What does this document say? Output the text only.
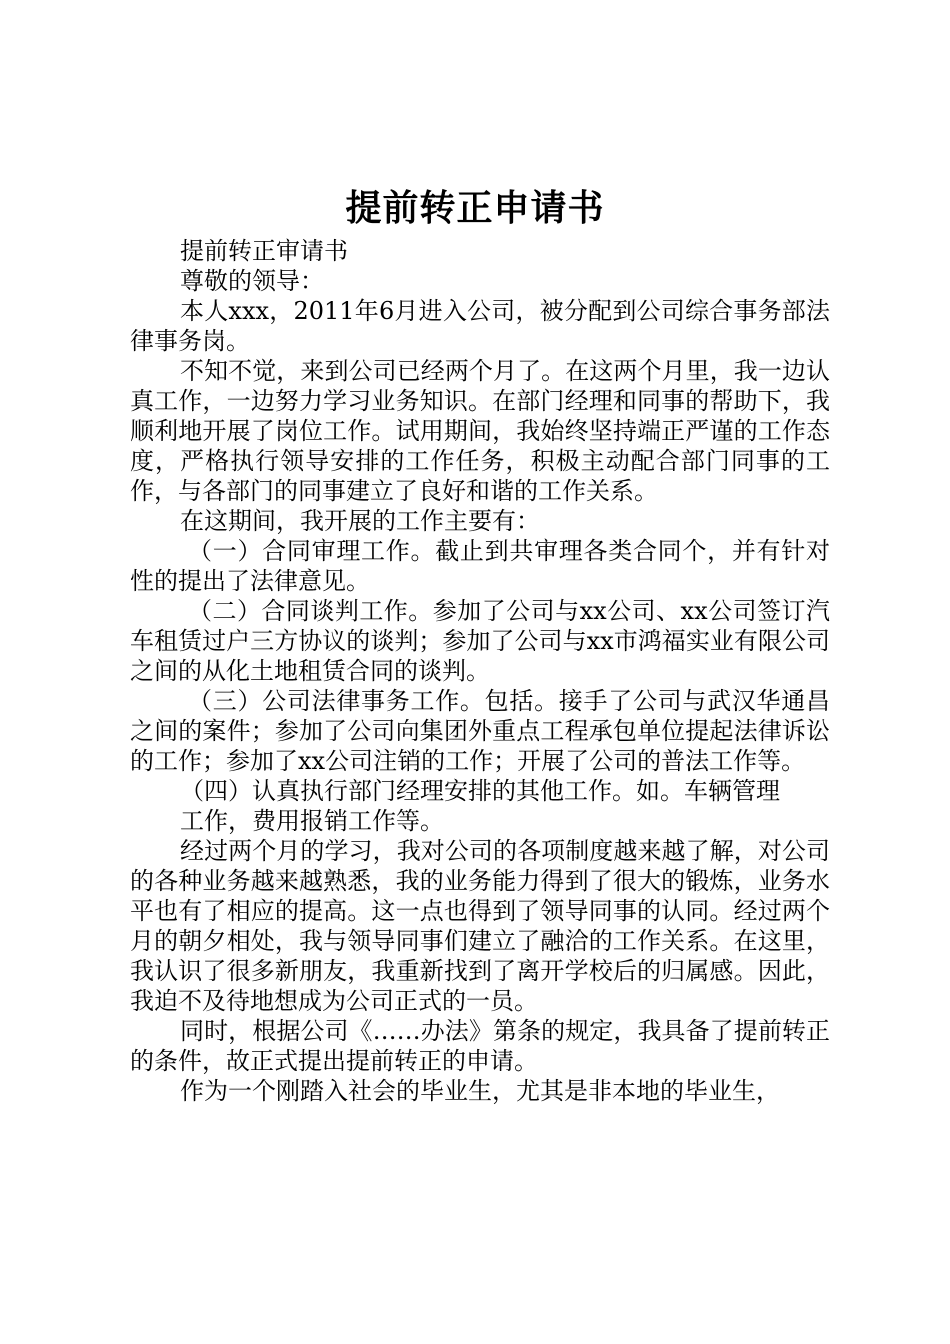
提前转正申请书

提前转正审请书

尊敬的领导：

本人xxx，2011年6月进入公司，被分配到公司综合事务部法律事务岗。

不知不觉，来到公司已经两个月了。在这两个月里，我一边认真工作，一边努力学习业务知识。在部门经理和同事的帮助下，我顺利地开展了岗位工作。试用期间，我始终坚持端正严谨的工作态度，严格执行领导安排的工作任务，积极主动配合部门同事的工作，与各部门的同事建立了良好和谐的工作关系。

在这期间，我开展的工作主要有：

（一）合同审理工作。截止到共审理各类合同个，并有针对性的提出了法律意见。

（二）合同谈判工作。参加了公司与xx公司、xx公司签订汽车租赁过户三方协议的谈判；参加了公司与xx市鸿福实业有限公司之间的从化土地租赁合同的谈判。

（三）公司法律事务工作。包括。接手了公司与武汉华通昌之间的案件；参加了公司向集团外重点工程承包单位提起法律诉讼的工作；参加了xx公司注销的工作；开展了公司的普法工作等。

（四）认真执行部门经理安排的其他工作。如。车辆管理

工作，费用报销工作等。

经过两个月的学习，我对公司的各项制度越来越了解，对公司的各种业务越来越熟悉，我的业务能力得到了很大的锻炼，业务水平也有了相应的提高。这一点也得到了领导同事的认同。经过两个月的朝夕相处，我与领导同事们建立了融洽的工作关系。在这里，我认识了很多新朋友，我重新找到了离开学校后的归属感。因此，我迫不及待地想成为公司正式的一员。

同时，根据公司《……办法》第条的规定，我具备了提前转正的条件，故正式提出提前转正的申请。

作为一个刚踏入社会的毕业生，尤其是非本地的毕业生，
